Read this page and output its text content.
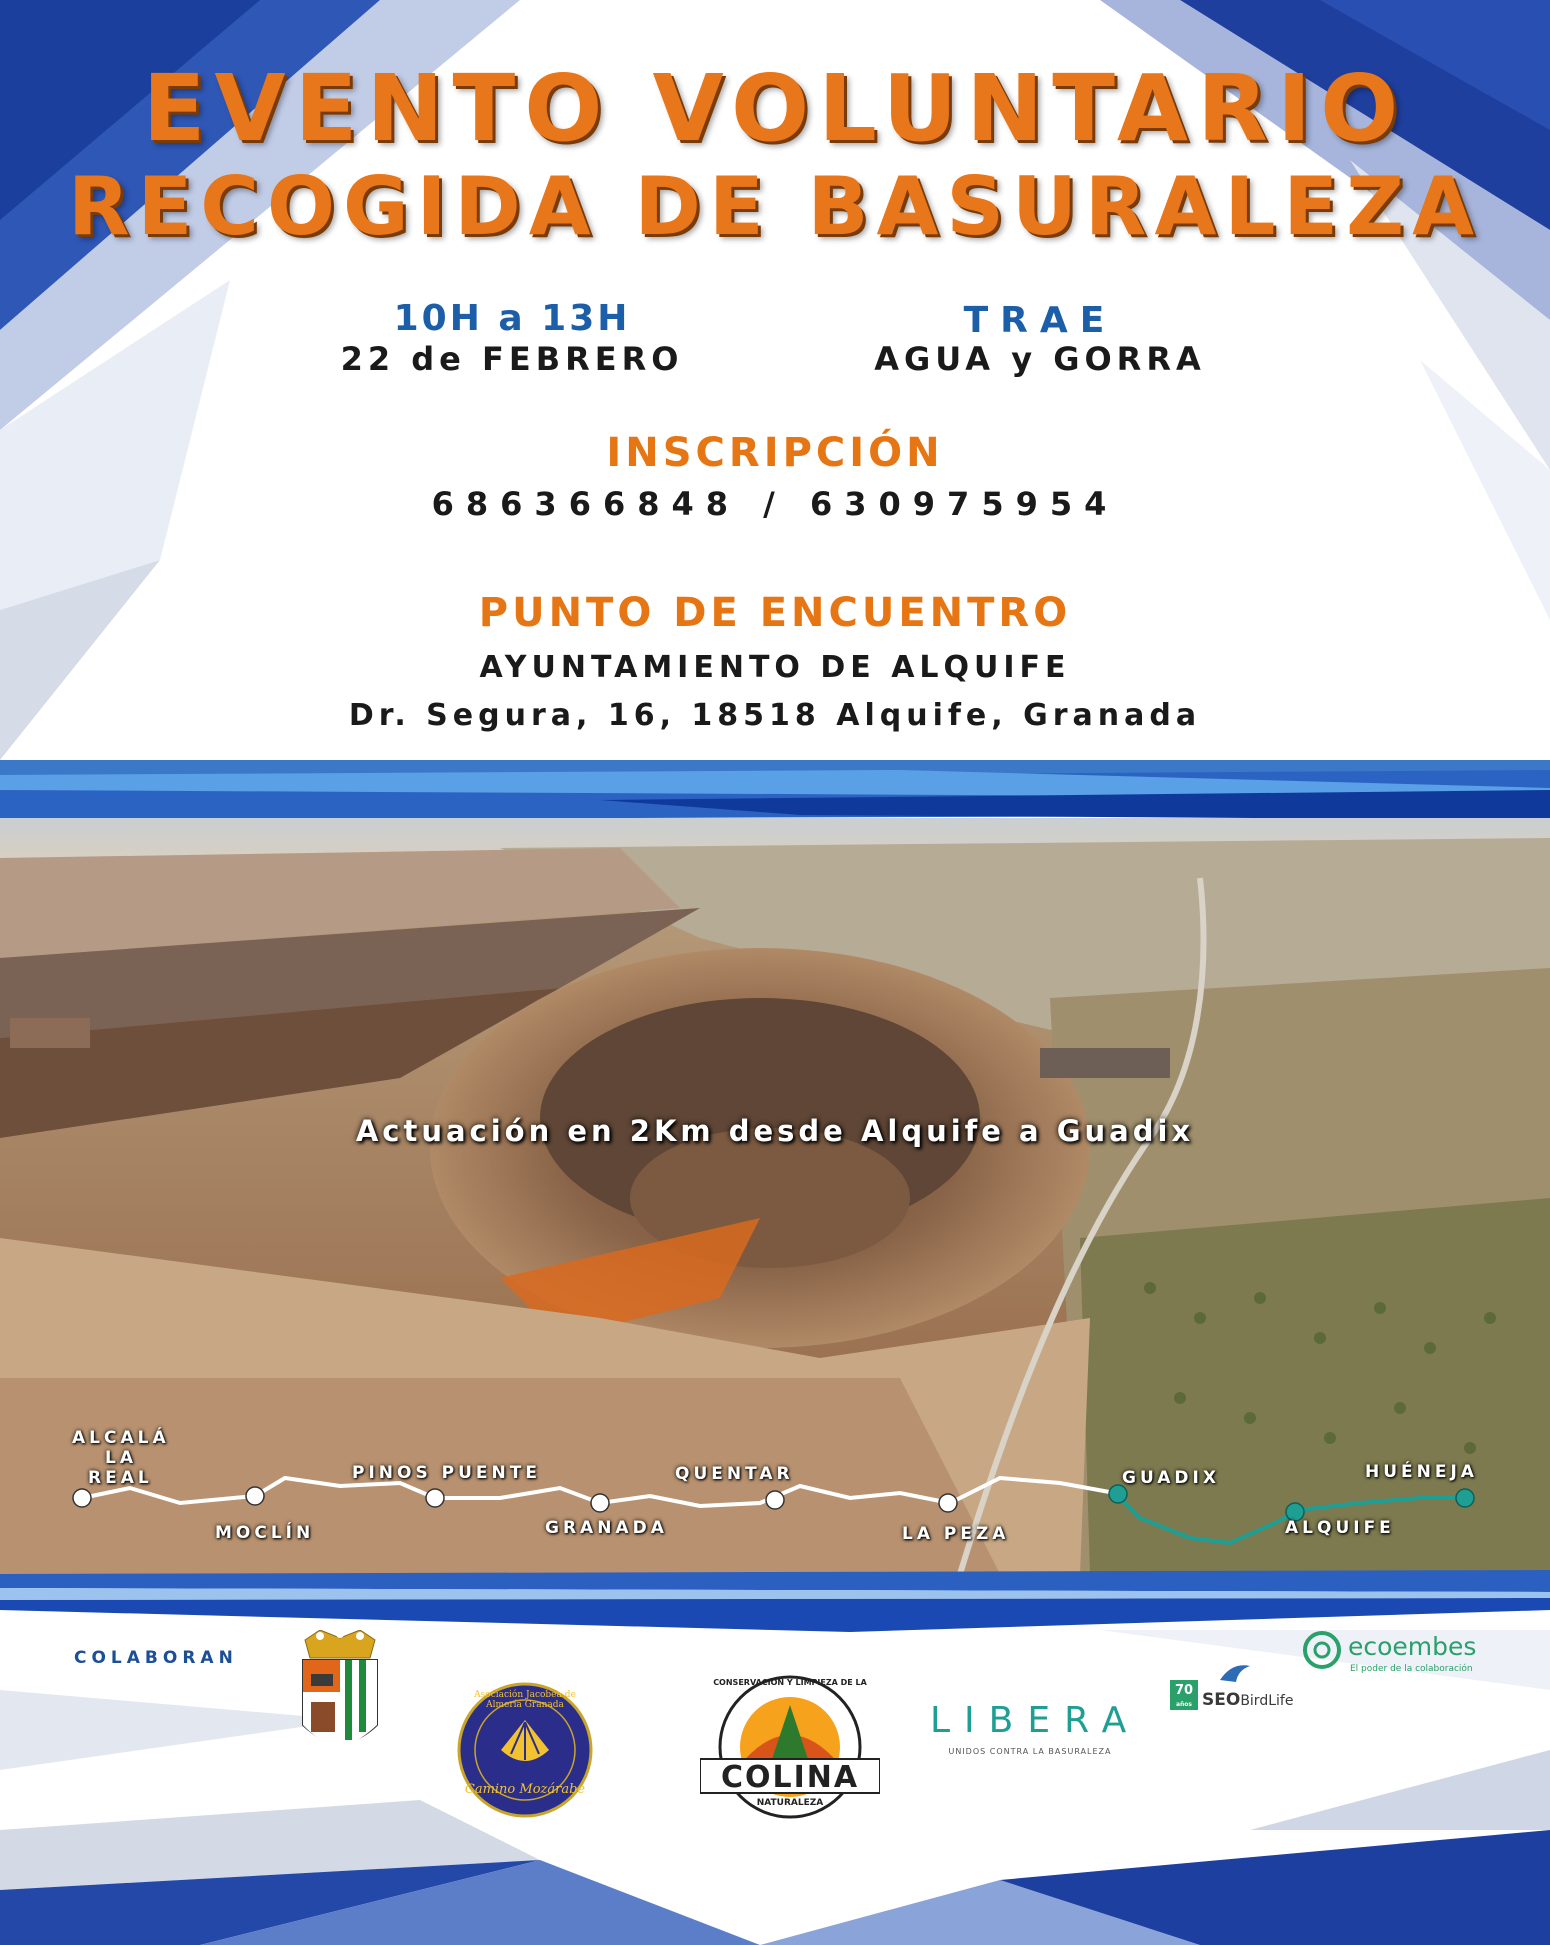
EVENTO VOLUNTARIO
RECOGIDA DE BASURALEZA
10H a 13H
22 de FEBRERO
TRAE
AGUA y GORRA
INSCRIPCIÓN
686366848 / 630975954
PUNTO DE ENCUENTRO
AYUNTAMIENTO DE ALQUIFE
Dr. Segura, 16, 18518 Alquife, Granada
Actuación en 2Km desde Alquife a Guadix
ALCALÁ
LA
REAL
MOCLÍN
PINOS PUENTE
GRANADA
QUENTAR
LA PEZA
GUADIX
ALQUIFE
HUÉNEJA
COLABORAN
Asociación Jacobea de Almería Granada
Camino Mozárabe
CONSERVACIÓN Y LIMPIEZA DE LA
COLINA
NATURALEZA
LIBERA
UNIDOS CONTRA LA BASURALEZA
70
años SEOBirdLife
ecoembes
El poder de la colaboración
